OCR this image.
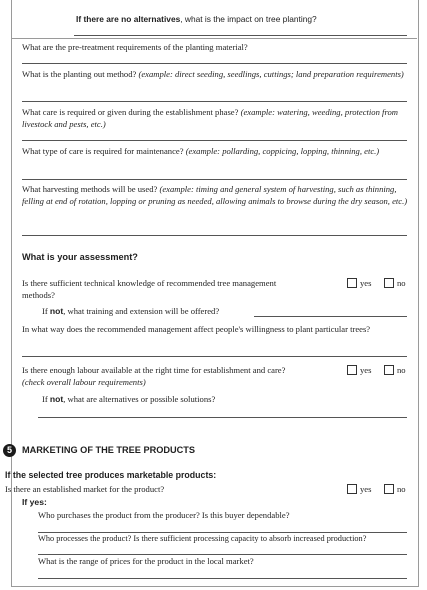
If there are no alternatives, what is the impact on tree planting?
What are the pre-treatment requirements of the planting material?
What is the planting out method? (example: direct seeding, seedlings, cuttings; land preparation requirements)
What care is required or given during the establishment phase? (example: watering, weeding, protection from livestock and pests, etc.)
What type of care is required for maintenance? (example: pollarding, coppicing, lopping, thinning, etc.)
What harvesting methods will be used? (example: timing and general system of harvesting, such as thinning, felling at end of rotation, lopping or pruning as needed, allowing animals to browse during the dry season, etc.)
What is your assessment?
Is there sufficient technical knowledge of recommended tree management methods?
yes	no
If not, what training and extension will be offered?
In what way does the recommended management affect people's willingness to plant particular trees?
Is there enough labour available at the right time for establishment and care?
(check overall labour requirements)
yes	no
If not, what are alternatives or possible solutions?
5	MARKETING OF THE TREE PRODUCTS
If the selected tree produces marketable products:
Is there an established market for the product?	yes	no
If yes:
Who purchases the product from the producer? Is this buyer dependable?
Who processes the product? Is there sufficient processing capacity to absorb increased production?
What is the range of prices for the product in the local market?
